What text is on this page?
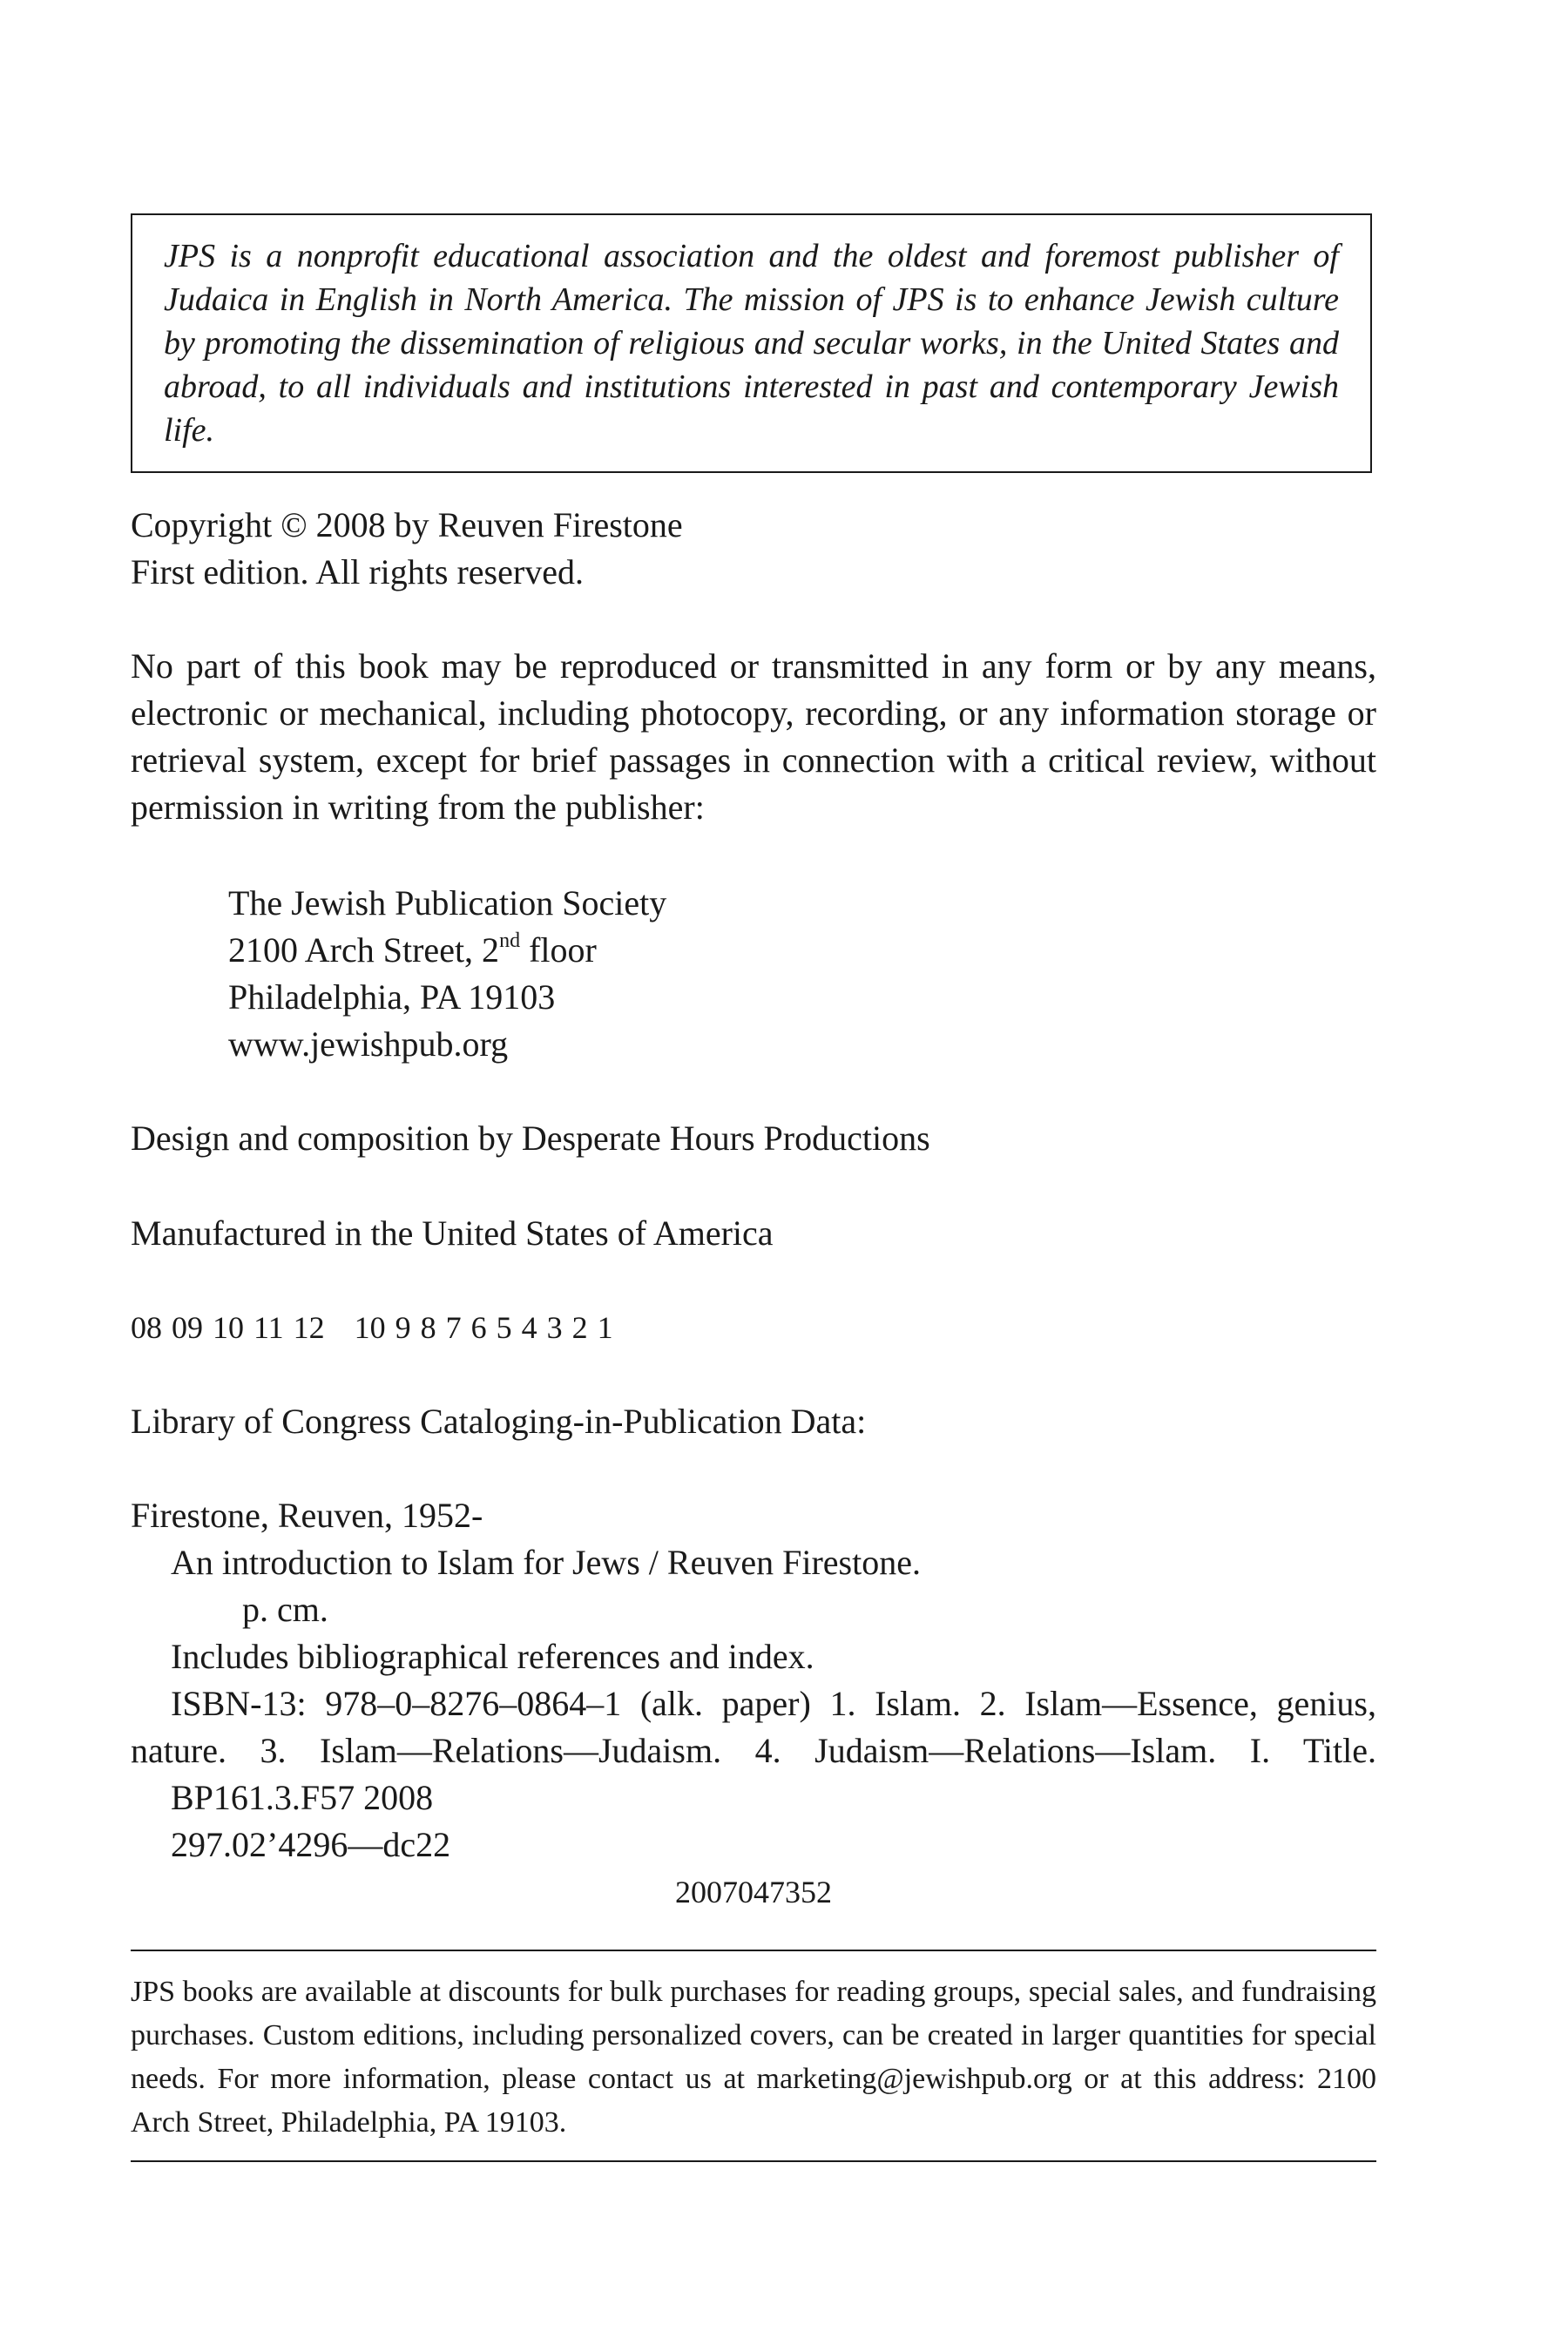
JPS is a nonprofit educational association and the oldest and foremost publisher of Judaica in English in North America. The mission of JPS is to enhance Jewish culture by promoting the dissemination of religious and secular works, in the United States and abroad, to all individuals and institutions interested in past and contemporary Jewish life.

Copyright © 2008 by Reuven Firestone

First edition. All rights reserved.

No part of this book may be reproduced or transmitted in any form or by any means, electronic or mechanical, including photocopy, recording, or any information storage or retrieval system, except for brief passages in connection with a critical review, without permission in writing from the publisher:

The Jewish Publication Society

2100 Arch Street, 2nd floor

Philadelphia, PA 19103

www.jewishpub.org

Design and composition by Desperate Hours Productions

Manufactured in the United States of America

08 09 10 11 12 10 9 8 7 6 5 4 3 2 1

Library of Congress Cataloging-in-Publication Data:

Firestone, Reuven, 1952-

An introduction to Islam for Jews / Reuven Firestone.

p. cm.

Includes bibliographical references and index.

ISBN-13: 978–0–8276–0864–1 (alk. paper) 1. Islam. 2. Islam—Essence, genius,

nature. 3. Islam—Relations—Judaism. 4. Judaism—Relations—Islam. I. Title.

BP161.3.F57 2008

297.02’4296—dc22

2007047352

JPS books are available at discounts for bulk purchases for reading groups, special sales, and fundraising purchases. Custom editions, including personalized covers, can be created in larger quantities for special needs. For more information, please contact us at marketing@jewishpub.org or at this address: 2100 Arch Street, Philadelphia, PA 19103.
